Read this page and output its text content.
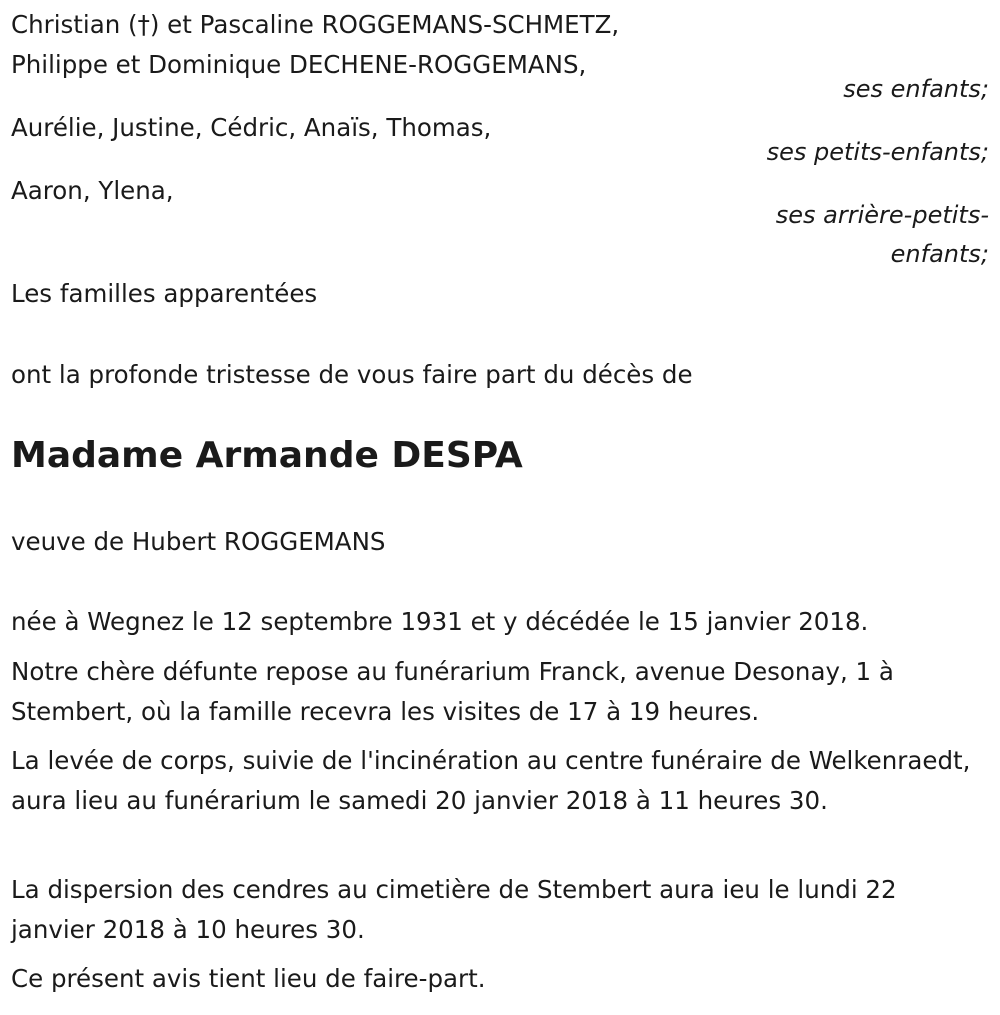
Christian (†) et Pascaline ROGGEMANS-SCHMETZ,
Philippe et Dominique DECHENE-ROGGEMANS,
ses enfants;
Aurélie, Justine, Cédric, Anaïs, Thomas,
ses petits-enfants;
Aaron, Ylena,
ses arrière-petits-
enfants;
Les familles apparentées
ont la profonde tristesse de vous faire part du décès de
Madame Armande DESPA
veuve de Hubert ROGGEMANS
née à Wegnez le 12 septembre 1931 et y décédée le 15 janvier 2018.
Notre chère défunte repose au funérarium Franck, avenue Desonay, 1 à Stembert, où la famille recevra les visites de 17 à 19 heures.
La levée de corps, suivie de l'incinération au centre funéraire de Welkenraedt, aura lieu au funérarium le samedi 20 janvier 2018 à 11 heures 30.
La dispersion des cendres au cimetière de Stembert aura ieu le lundi 22 janvier 2018 à 10 heures 30.
Ce présent avis tient lieu de faire-part.
